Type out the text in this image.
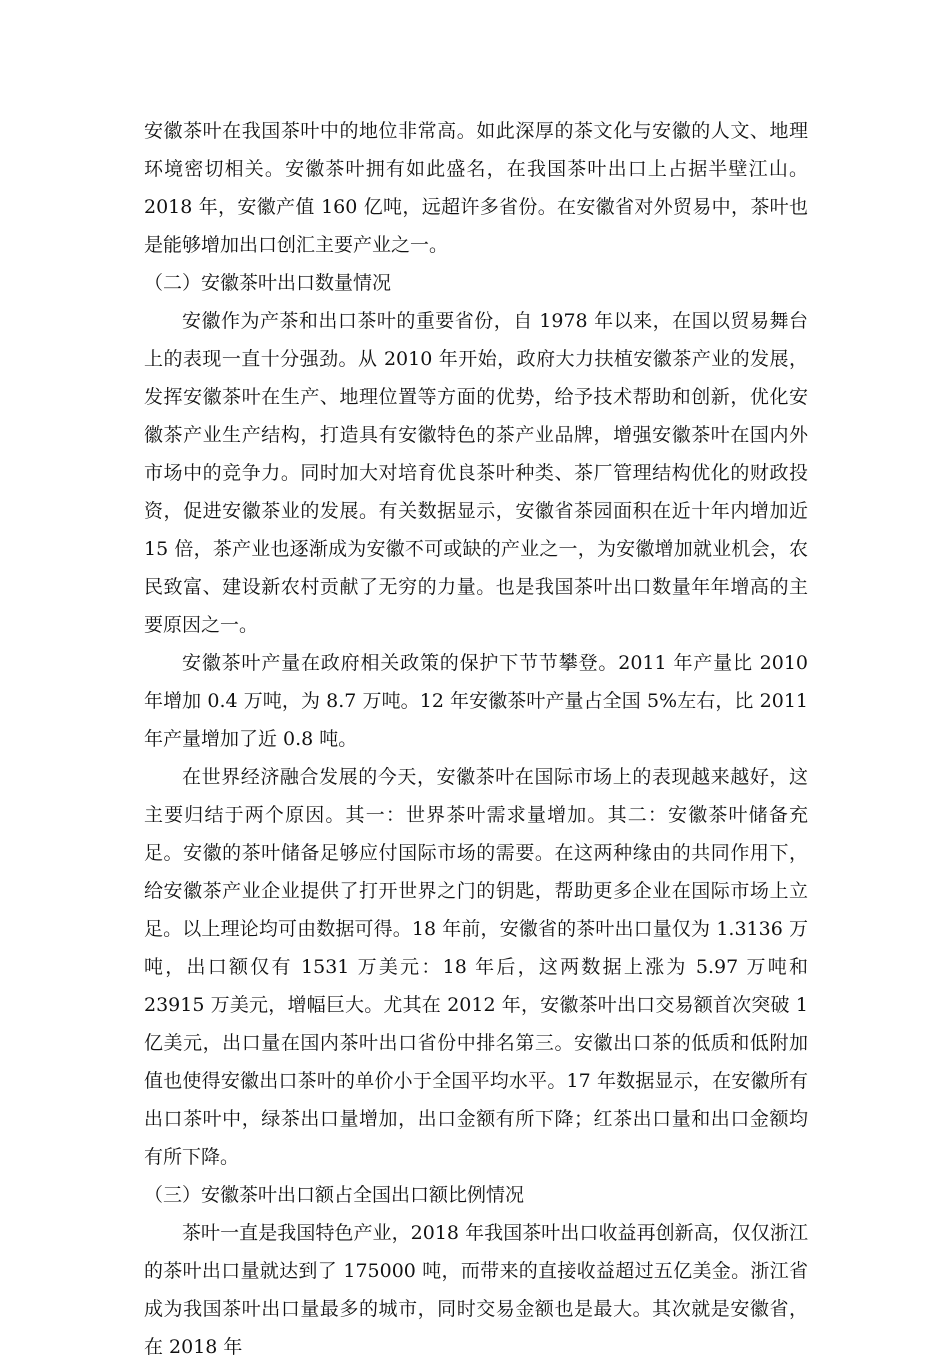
安徽茶叶在我国茶叶中的地位非常高。如此深厚的茶文化与安徽的人文、地理环境密切相关。安徽茶叶拥有如此盛名，在我国茶叶出口上占据半壁江山。2018 年，安徽产值 160 亿吨，远超许多省份。在安徽省对外贸易中，茶叶也是能够增加出口创汇主要产业之一。

（二）安徽茶叶出口数量情况

安徽作为产茶和出口茶叶的重要省份，自 1978 年以来，在国以贸易舞台上的表现一直十分强劲。从 2010 年开始，政府大力扶植安徽茶产业的发展，发挥安徽茶叶在生产、地理位置等方面的优势，给予技术帮助和创新，优化安徽茶产业生产结构，打造具有安徽特色的茶产业品牌，增强安徽茶叶在国内外市场中的竞争力。同时加大对培育优良茶叶种类、茶厂管理结构优化的财政投资，促进安徽茶业的发展。有关数据显示，安徽省茶园面积在近十年内增加近 15 倍，茶产业也逐渐成为安徽不可或缺的产业之一，为安徽增加就业机会，农民致富、建设新农村贡献了无穷的力量。也是我国茶叶出口数量年年增高的主要原因之一。

安徽茶叶产量在政府相关政策的保护下节节攀登。2011 年产量比 2010 年增加 0.4 万吨，为 8.7 万吨。12 年安徽茶叶产量占全国 5%左右，比 2011 年产量增加了近 0.8 吨。

在世界经济融合发展的今天，安徽茶叶在国际市场上的表现越来越好，这主要归结于两个原因。其一：世界茶叶需求量增加。其二：安徽茶叶储备充足。安徽的茶叶储备足够应付国际市场的需要。在这两种缘由的共同作用下，给安徽茶产业企业提供了打开世界之门的钥匙，帮助更多企业在国际市场上立足。以上理论均可由数据可得。18 年前，安徽省的茶叶出口量仅为 1.3136 万吨，出口额仅有 1531 万美元：18 年后，这两数据上涨为 5.97 万吨和 23915 万美元，增幅巨大。尤其在 2012 年，安徽茶叶出口交易额首次突破 1 亿美元，出口量在国内茶叶出口省份中排名第三。安徽出口茶的低质和低附加值也使得安徽出口茶叶的单价小于全国平均水平。17 年数据显示，在安徽所有出口茶叶中，绿茶出口量增加，出口金额有所下降；红茶出口量和出口金额均有所下降。

（三）安徽茶叶出口额占全国出口额比例情况

茶叶一直是我国特色产业，2018 年我国茶叶出口收益再创新高，仅仅浙江的茶叶出口量就达到了 175000 吨，而带来的直接收益超过五亿美金。浙江省成为我国茶叶出口量最多的城市，同时交易金额也是最大。其次就是安徽省，在 2018 年
